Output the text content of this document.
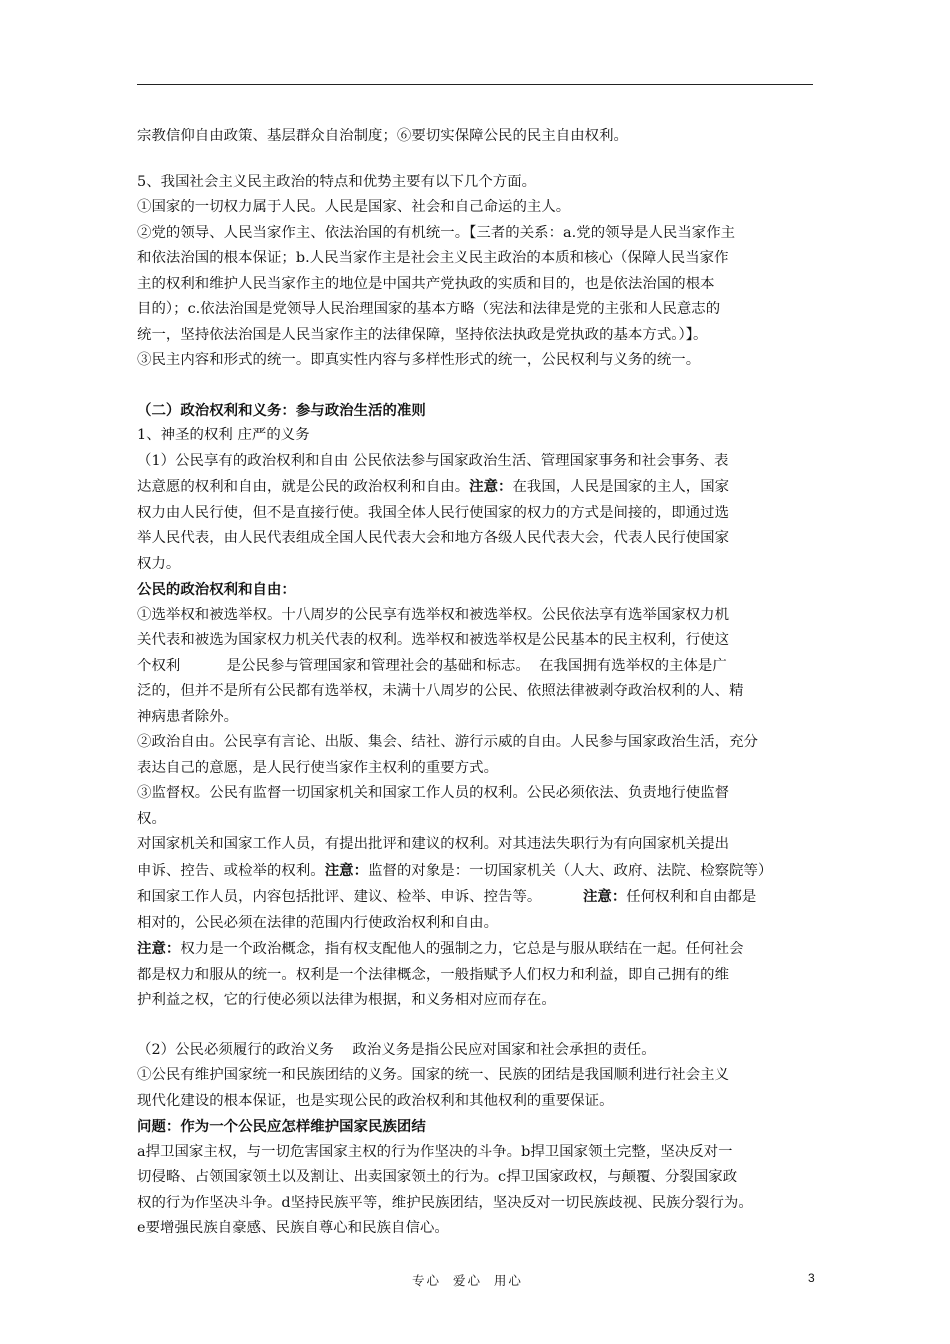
宗教信仰自由政策、基层群众自治制度；⑥要切实保障公民的民主自由权利。

5、我国社会主义民主政治的特点和优势主要有以下几个方面。

①国家的一切权力属于人民。人民是国家、社会和自己命运的主人。

②党的领导、人民当家作主、依法治国的有机统一。【三者的关系：a.党的领导是人民当家作主

和依法治国的根本保证；b.人民当家作主是社会主义民主政治的本质和核心（保障人民当家作

主的权利和维护人民当家作主的地位是中国共产党执政的实质和目的，也是依法治国的根本

目的）；c.依法治国是党领导人民治理国家的基本方略（宪法和法律是党的主张和人民意志的

统一，坚持依法治国是人民当家作主的法律保障，坚持依法执政是党执政的基本方式。）】。

③民主内容和形式的统一。即真实性内容与多样性形式的统一，公民权利与义务的统一。

（二）政治权利和义务：参与政治生活的准则

1、神圣的权利 庄严的义务

（1）公民享有的政治权利和自由 公民依法参与国家政治生活、管理国家事务和社会事务、表

达意愿的权利和自由，就是公民的政治权利和自由。注意：在我国，人民是国家的主人，国家

权力由人民行使，但不是直接行使。我国全体人民行使国家的权力的方式是间接的，即通过选

举人民代表，由人民代表组成全国人民代表大会和地方各级人民代表大会，代表人民行使国家

权力。

公民的政治权利和自由：

①选举权和被选举权。十八周岁的公民享有选举权和被选举权。公民依法享有选举国家权力机

关代表和被选为国家权力机关代表的权利。选举权和被选举权是公民基本的民主权利，行使这

个权利          是公民参与管理国家和管理社会的基础和标志。  在我国拥有选举权的主体是广

泛的，但并不是所有公民都有选举权，未满十八周岁的公民、依照法律被剥夺政治权利的人、精

神病患者除外。

②政治自由。公民享有言论、出版、集会、结社、游行示威的自由。人民参与国家政治生活，充分

表达自己的意愿，是人民行使当家作主权利的重要方式。

③监督权。公民有监督一切国家机关和国家工作人员的权利。公民必须依法、负责地行使监督

权。

对国家机关和国家工作人员，有提出批评和建议的权利。对其违法失职行为有向国家机关提出

申诉、控告、或检举的权利。注意：监督的对象是：一切国家机关（人大、政府、法院、检察院等）

和国家工作人员，内容包括批评、建议、检举、申诉、控告等。         注意：任何权利和自由都是

相对的，公民必须在法律的范围内行使政治权利和自由。

注意：权力是一个政治概念，指有权支配他人的强制之力，它总是与服从联结在一起。任何社会

都是权力和服从的统一。权利是一个法律概念，一般指赋予人们权力和利益，即自己拥有的维

护利益之权，它的行使必须以法律为根据，和义务相对应而存在。

（2）公民必须履行的政治义务    政治义务是指公民应对国家和社会承担的责任。

①公民有维护国家统一和民族团结的义务。国家的统一、民族的团结是我国顺利进行社会主义

现代化建设的根本保证，也是实现公民的政治权利和其他权利的重要保证。

问题：作为一个公民应怎样维护国家民族团结

a捍卫国家主权，与一切危害国家主权的行为作坚决的斗争。b捍卫国家领土完整，坚决反对一

切侵略、占领国家领土以及割让、出卖国家领土的行为。c捍卫国家政权，与颠覆、分裂国家政

权的行为作坚决斗争。d坚持民族平等，维护民族团结，坚决反对一切民族歧视、民族分裂行为。

e要增强民族自豪感、民族自尊心和民族自信心。

专心  爱心  用心	3
